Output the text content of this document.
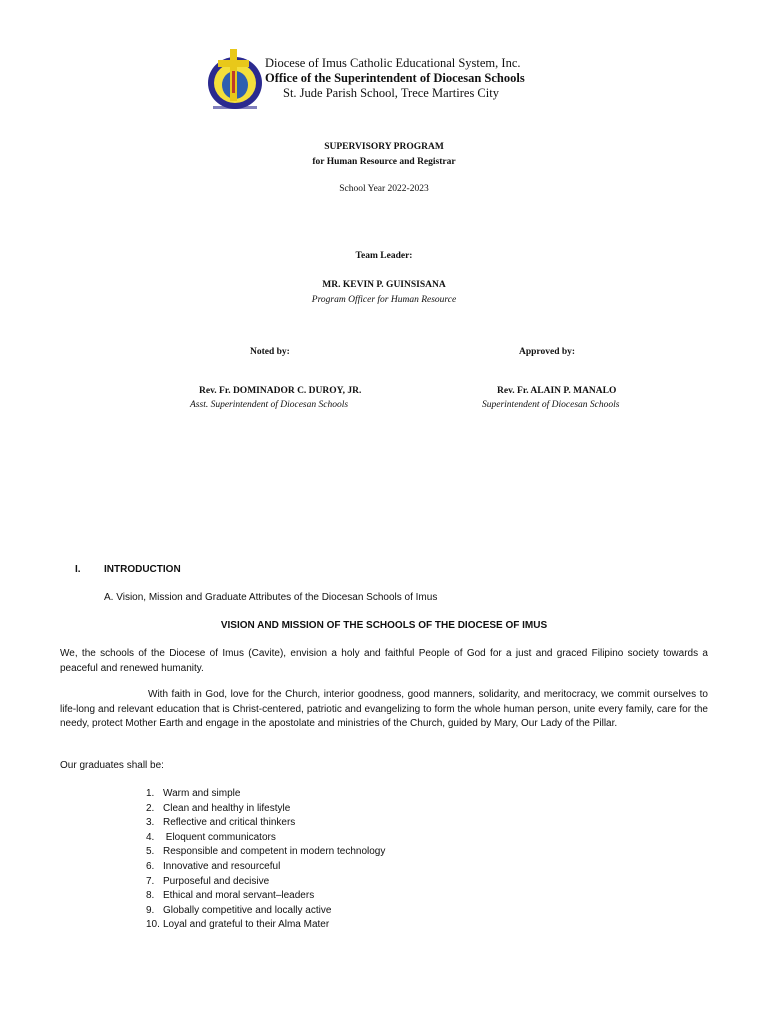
Diocese of Imus Catholic Educational System, Inc.
Office of the Superintendent of Diocesan Schools
St. Jude Parish School, Trece Martires City
SUPERVISORY PROGRAM
for Human Resource and Registrar
School Year 2022-2023
Team Leader:
MR. KEVIN P. GUINSISANA
Program Officer for Human Resource
Noted by:
Rev. Fr. DOMINADOR C. DUROY, JR.
Asst. Superintendent of Diocesan Schools
Approved by:
Rev. Fr. ALAIN P. MANALO
Superintendent of Diocesan Schools
I. INTRODUCTION
A. Vision, Mission and Graduate Attributes of the Diocesan Schools of Imus
VISION AND MISSION OF THE SCHOOLS OF THE DIOCESE OF IMUS
We, the schools of the Diocese of Imus (Cavite), envision a holy and faithful People of God for a just and graced Filipino society towards a peaceful and renewed humanity.
With faith in God, love for the Church, interior goodness, good manners, solidarity, and meritocracy, we commit ourselves to life-long and relevant education that is Christ-centered, patriotic and evangelizing to form the whole human person, unite every family, care for the needy, protect Mother Earth and engage in the apostolate and ministries of the Church, guided by Mary, Our Lady of the Pillar.
Our graduates shall be:
1. Warm and simple
2. Clean and healthy in lifestyle
3. Reflective and critical thinkers
4. Eloquent communicators
5. Responsible and competent in modern technology
6. Innovative and resourceful
7. Purposeful and decisive
8. Ethical and moral servant–leaders
9. Globally competitive and locally active
10. Loyal and grateful to their Alma Mater
